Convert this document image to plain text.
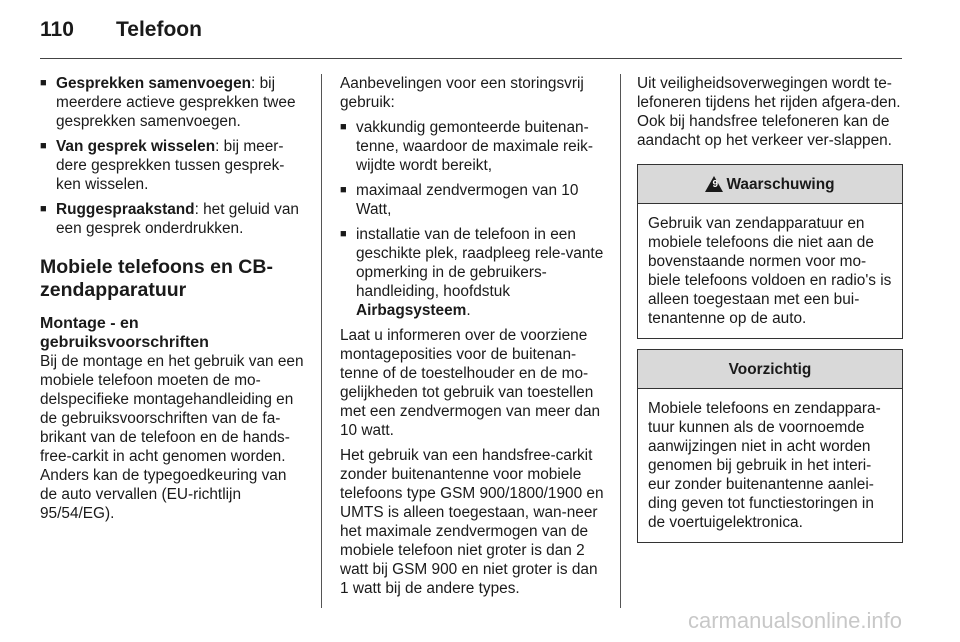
110	Telefoon
■ Gesprekken samenvoegen: bij meerdere actieve gesprekken twee gesprekken samenvoegen.
■ Van gesprek wisselen: bij meer-dere gesprekken tussen gesprek-ken wisselen.
■ Ruggespraakstand: het geluid van een gesprek onderdrukken.
Mobiele telefoons en CB-zendapparatuur
Montage - en gebruiksvoorschriften

Bij de montage en het gebruik van een mobiele telefoon moeten de mo-delspecifieke montagehandleiding en de gebruiksvoorschriften van de fa-brikant van de telefoon en de hands-free-carkit in acht genomen worden. Anders kan de typegoedkeuring van de auto vervallen (EU-richtlijn 95/54/EG).

Aanbevelingen voor een storingsvrij gebruik:

■ vakkundig gemonteerde buitenan-tenne, waardoor de maximale reik-wijdte wordt bereikt,
■ maximaal zendvermogen van 10 Watt,
■ installatie van de telefoon in een geschikte plek, raadpleeg rele-vante opmerking in de gebruikers-handleiding, hoofdstuk
Airbagsysteem.

Laat u informeren over de voorziene montageposities voor de buitenan-tenne of de toestelhouder en de mo-gelijkheden tot gebruik van toestellen met een zendvermogen van meer dan 10 watt.

Het gebruik van een handsfree-carkit zonder buitenantenne voor mobiele telefoons type GSM 900/1800/1900 en UMTS is alleen toegestaan, wan-neer het maximale zendvermogen van de mobiele telefoon niet groter is dan 2 watt bij GSM 900 en niet groter is dan 1 watt bij de andere types.

Uit veiligheidsoverwegingen wordt te-lefoneren tijdens het rijden afgera-den. Ook bij handsfree telefoneren kan de aandacht op het verkeer ver-slappen.

9 Waarschuwing
Gebruik van zendapparatuur en mobiele telefoons die niet aan de bovenstaande normen voor mo-biele telefoons voldoen en radio's is alleen toegestaan met een bui-tenantenne op de auto.
Voorzichtig
Mobiele telefoons en zendappara-tuur kunnen als de voornoemde aanwijzingen niet in acht worden genomen bij gebruik in het interi-eur zonder buitenantenne aanlei-ding geven tot functiestoringen in de voertuigelektronica.
carmanualsonline.info
